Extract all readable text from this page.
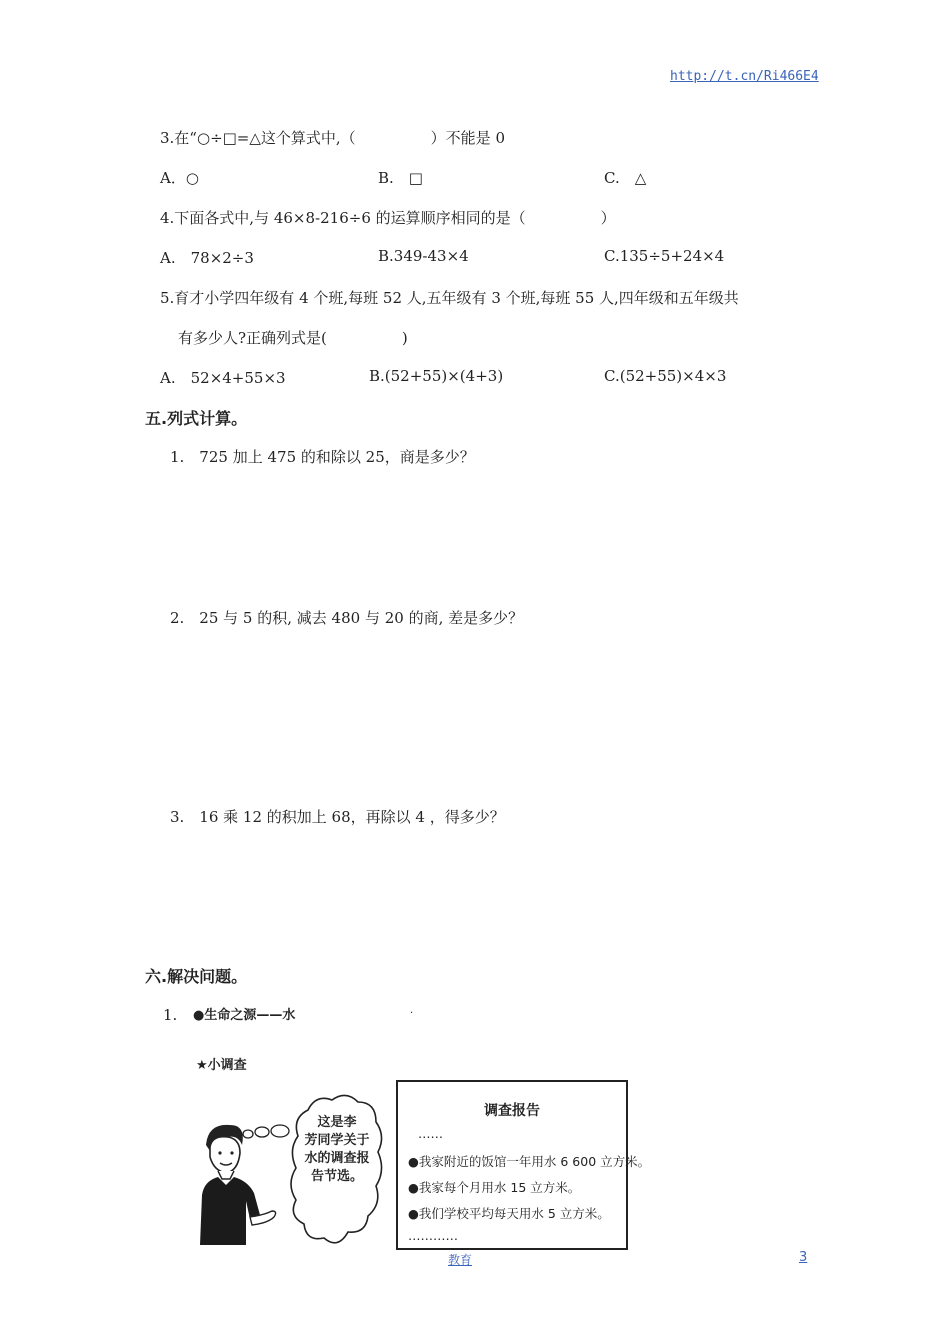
http://t.cn/Ri466E4
3.在“○÷□=△这个算式中,（　　　　　）不能是 0
A．○	B.　□	C.　△
4.下面各式中,与 46×8-216÷6 的运算顺序相同的是（　　　　　）
A.　78×2÷3	B.349-43×4	C.135÷5+24×4
5.育才小学四年级有 4 个班,每班 52 人,五年级有 3 个班,每班 55 人,四年级和五年级共
有多少人?正确列式是(　　　　　)
A.　52×4+55×3	B.(52+55)×(4+3)	C.(52+55)×4×3
五.列式计算。
1.　725 加上 475 的和除以 25，商是多少？
2.　25 与 5 的积, 减去 480 与 20 的商, 差是多少？
3.　16 乘 12 的积加上 68，再除以 4 ，得多少？
六.解决问题。
1. ●生命之源——水	·
★小调查
这是李
芳同学关于
水的调查报
告节选。
调查报告
……
●我家附近的饭馆一年用水 6 600 立方米。
●我家每个月用水 15 立方米。
●我们学校平均每天用水 5 立方米。
…………
教育	3
